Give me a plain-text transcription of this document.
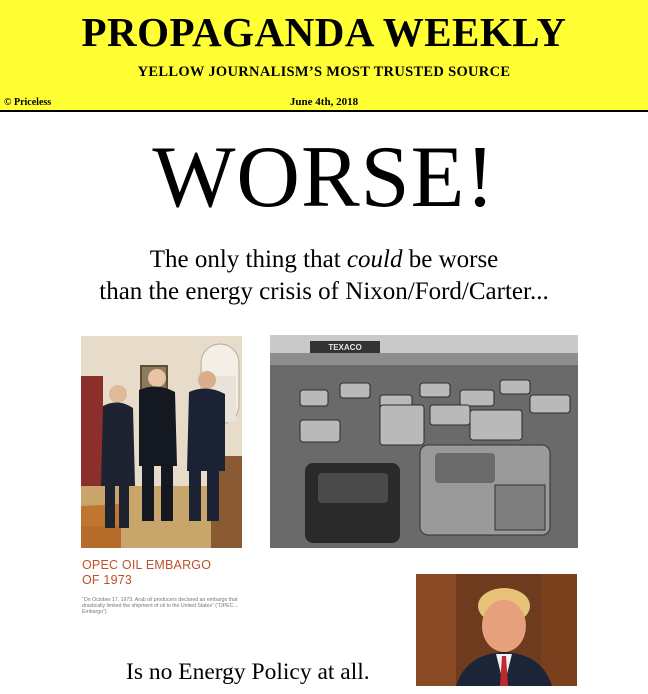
PROPAGANDA WEEKLY
YELLOW JOURNALISM’S MOST TRUSTED SOURCE
© Priceless	June 4th, 2018
WORSE!
The only thing that could be worse
than the energy crisis of Nixon/Ford/Carter...
TEXACO
OPEC OIL EMBARGO
OF 1973
“On October 17, 1973, Arab oil producers declared an embargo that drastically limited the shipment of oil to the United States” (“OPEC…Embargo”).
Is no Energy Policy at all.
